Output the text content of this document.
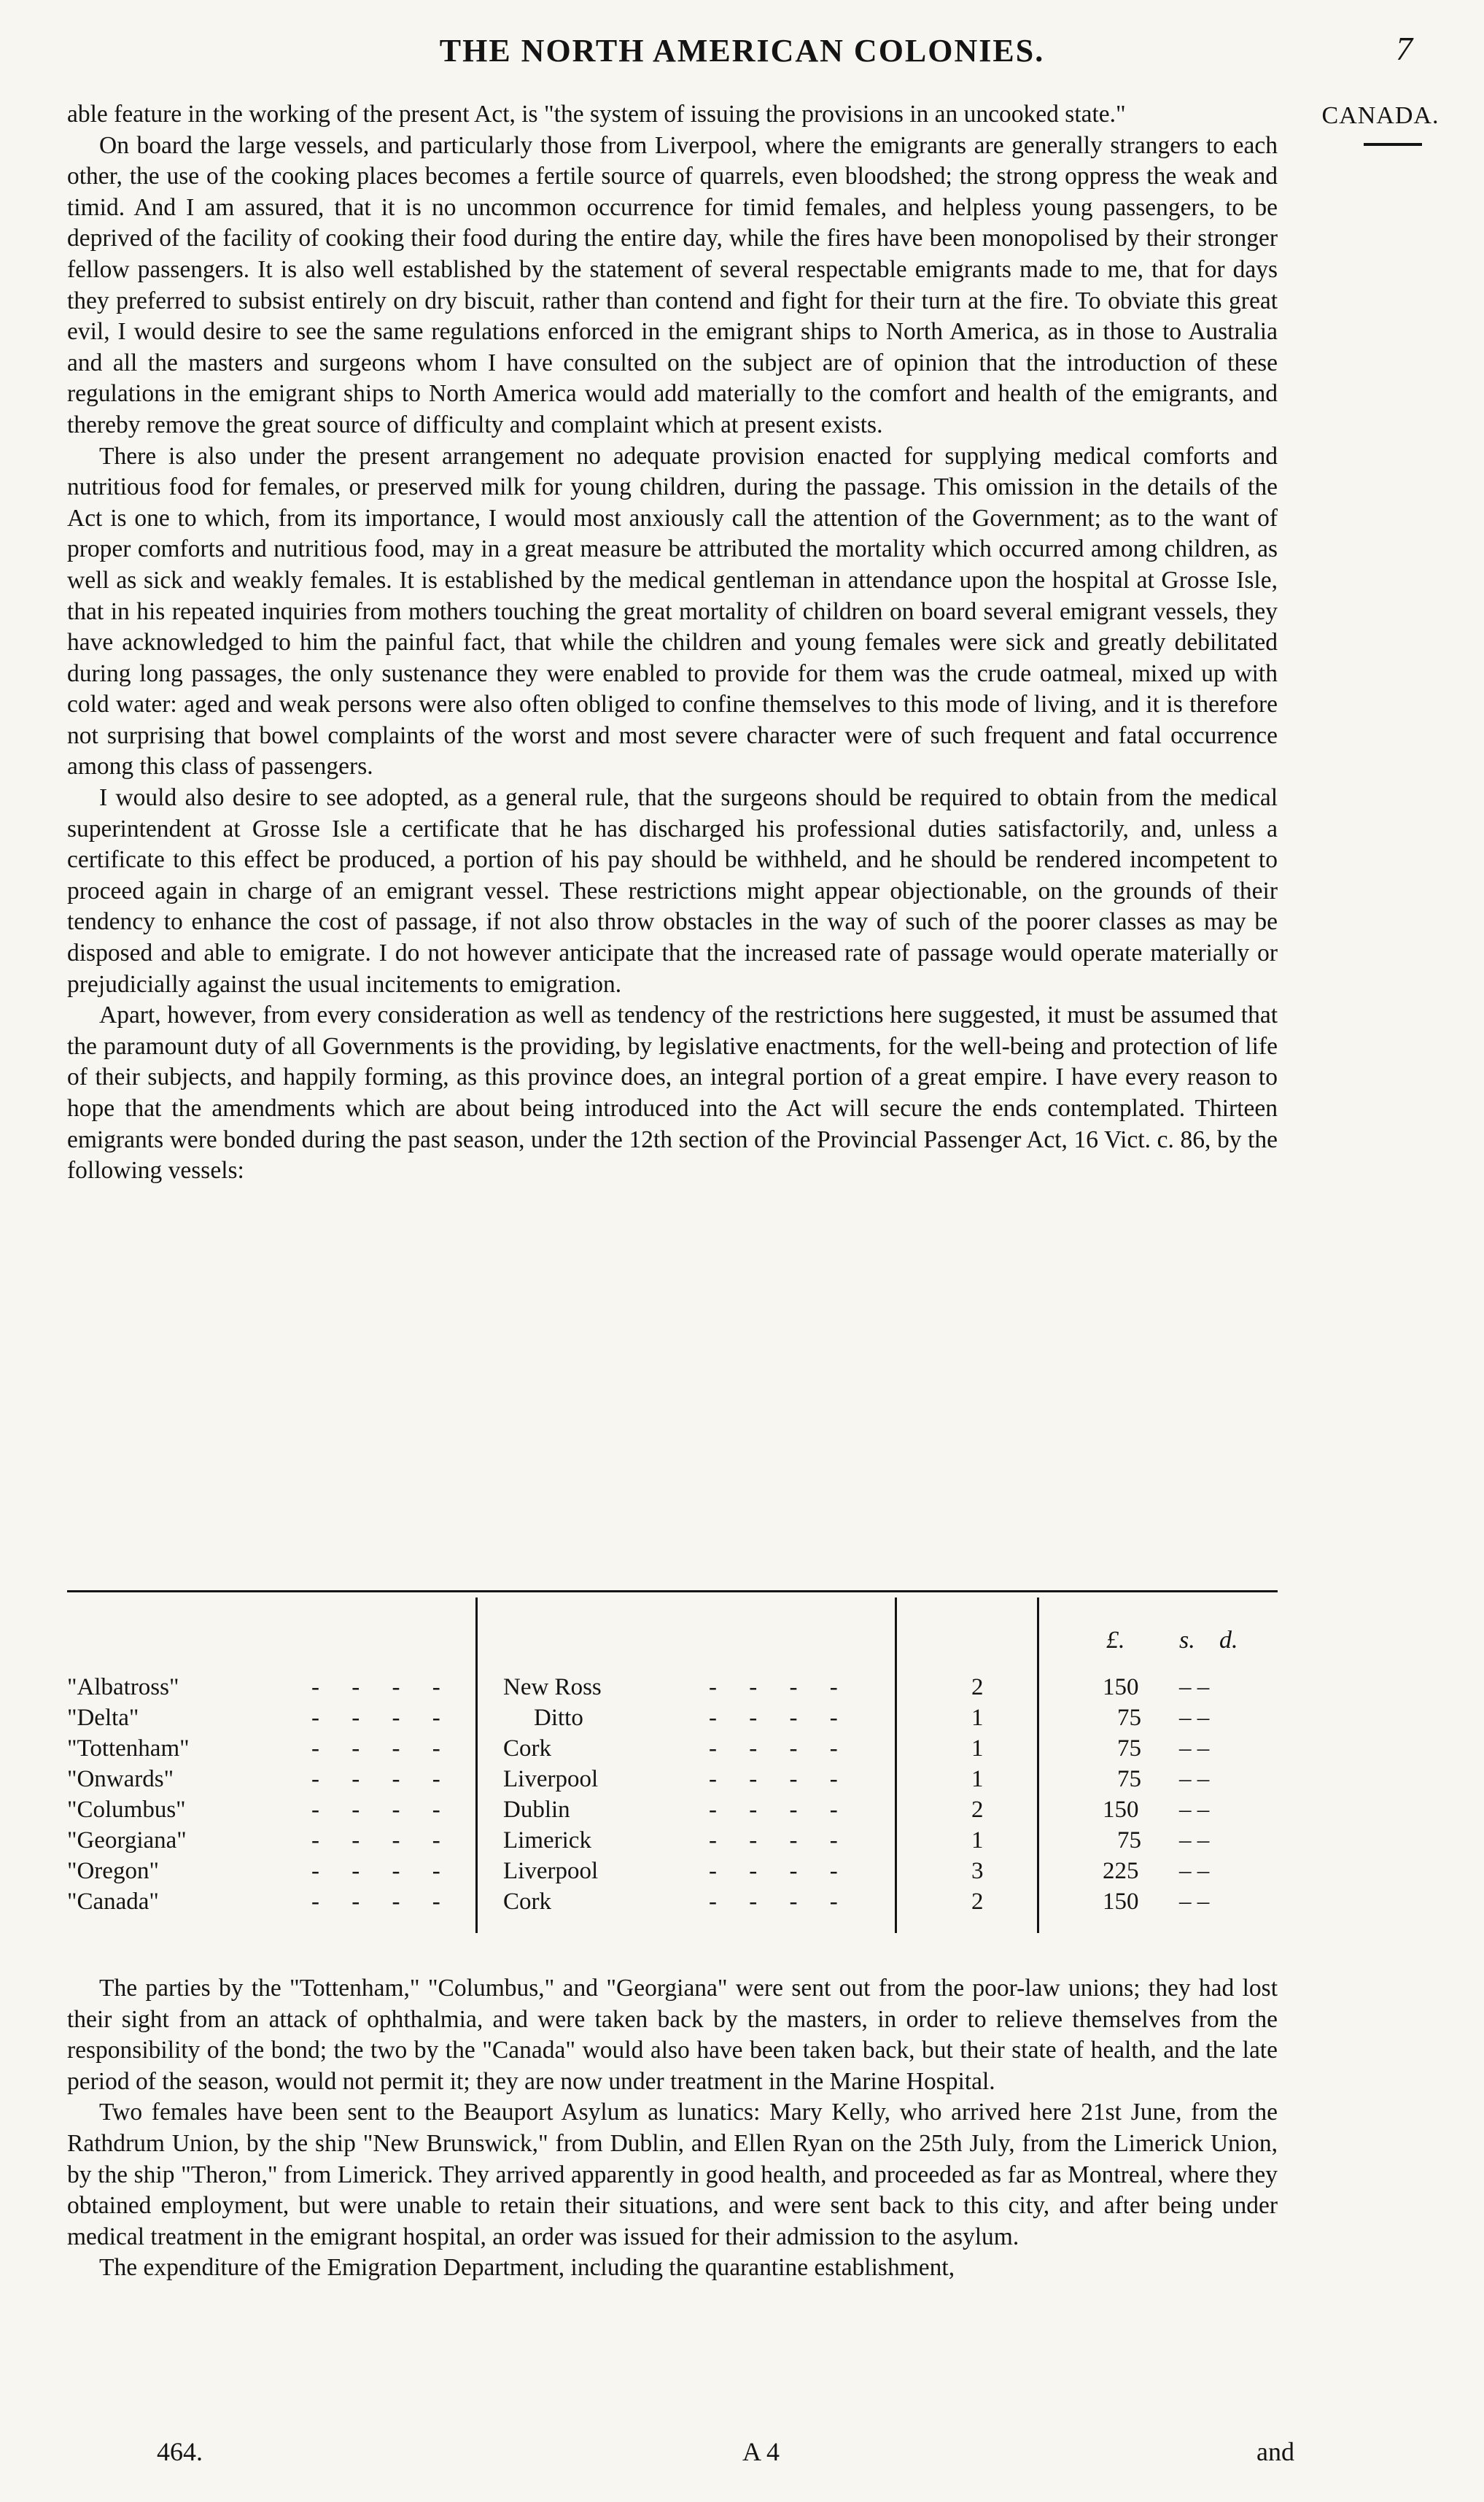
THE NORTH AMERICAN COLONIES.	7
CANADA.

able feature in the working of the present Act, is "the system of issuing the provisions in an uncooked state."

On board the large vessels, and particularly those from Liverpool, where the emigrants are generally strangers to each other, the use of the cooking places becomes a fertile source of quarrels, even bloodshed; the strong oppress the weak and timid. And I am assured, that it is no uncommon occurrence for timid females, and helpless young passengers, to be deprived of the facility of cooking their food during the entire day, while the fires have been monopolised by their stronger fellow passengers. It is also well established by the statement of several respectable emigrants made to me, that for days they preferred to subsist entirely on dry biscuit, rather than contend and fight for their turn at the fire. To obviate this great evil, I would desire to see the same regulations enforced in the emigrant ships to North America, as in those to Australia and all the masters and surgeons whom I have consulted on the subject are of opinion that the introduction of these regulations in the emigrant ships to North America would add materially to the comfort and health of the emigrants, and thereby remove the great source of difficulty and complaint which at present exists.

There is also under the present arrangement no adequate provision enacted for supplying medical comforts and nutritious food for females, or preserved milk for young children, during the passage. This omission in the details of the Act is one to which, from its importance, I would most anxiously call the attention of the Government; as to the want of proper comforts and nutritious food, may in a great measure be attributed the mortality which occurred among children, as well as sick and weakly females. It is established by the medical gentleman in attendance upon the hospital at Grosse Isle, that in his repeated inquiries from mothers touching the great mortality of children on board several emigrant vessels, they have acknowledged to him the painful fact, that while the children and young females were sick and greatly debilitated during long passages, the only sustenance they were enabled to provide for them was the crude oatmeal, mixed up with cold water: aged and weak persons were also often obliged to confine themselves to this mode of living, and it is therefore not surprising that bowel complaints of the worst and most severe character were of such frequent and fatal occurrence among this class of passengers.

I would also desire to see adopted, as a general rule, that the surgeons should be required to obtain from the medical superintendent at Grosse Isle a certificate that he has discharged his professional duties satisfactorily, and, unless a certificate to this effect be produced, a portion of his pay should be withheld, and he should be rendered incompetent to proceed again in charge of an emigrant vessel. These restrictions might appear objectionable, on the grounds of their tendency to enhance the cost of passage, if not also throw obstacles in the way of such of the poorer classes as may be disposed and able to emigrate. I do not however anticipate that the increased rate of passage would operate materially or prejudicially against the usual incitements to emigration.

Apart, however, from every consideration as well as tendency of the restrictions here suggested, it must be assumed that the paramount duty of all Governments is the providing, by legislative enactments, for the well-being and protection of life of their subjects, and happily forming, as this province does, an integral portion of a great empire. I have every reason to hope that the amendments which are about being introduced into the Act will secure the ends contemplated. Thirteen emigrants were bonded during the past season, under the 12th section of the Provincial Passenger Act, 16 Vict. c. 86, by the following vessels:

£. s. d.
"Albatross"	- - - - New Ross	- - - -	2	150 – –
"Delta"	- - - -	Ditto	- - - -	1	75 – –
"Tottenham"	- - - - Cork	- - - -	1	75 – –
"Onwards"	- - - - Liverpool	- - - -	1	75 – –
"Columbus"	- - - - Dublin	- - - -	2	150 – –
"Georgiana"	- - - - Limerick	- - - -	1	75 – –
"Oregon"	- - - - Liverpool	- - - -	3	225 – –
"Canada"	- - - - Cork	- - - -	2	150 – –

The parties by the "Tottenham," "Columbus," and "Georgiana" were sent out from the poor-law unions; they had lost their sight from an attack of ophthalmia, and were taken back by the masters, in order to relieve themselves from the responsibility of the bond; the two by the "Canada" would also have been taken back, but their state of health, and the late period of the season, would not permit it; they are now under treatment in the Marine Hospital.

Two females have been sent to the Beauport Asylum as lunatics: Mary Kelly, who arrived here 21st June, from the Rathdrum Union, by the ship "New Brunswick," from Dublin, and Ellen Ryan on the 25th July, from the Limerick Union, by the ship "Theron," from Limerick. They arrived apparently in good health, and proceeded as far as Montreal, where they obtained employment, but were unable to retain their situations, and were sent back to this city, and after being under medical treatment in the emigrant hospital, an order was issued for their admission to the asylum.

The expenditure of the Emigration Department, including the quarantine establishment,

464.	A 4	and
